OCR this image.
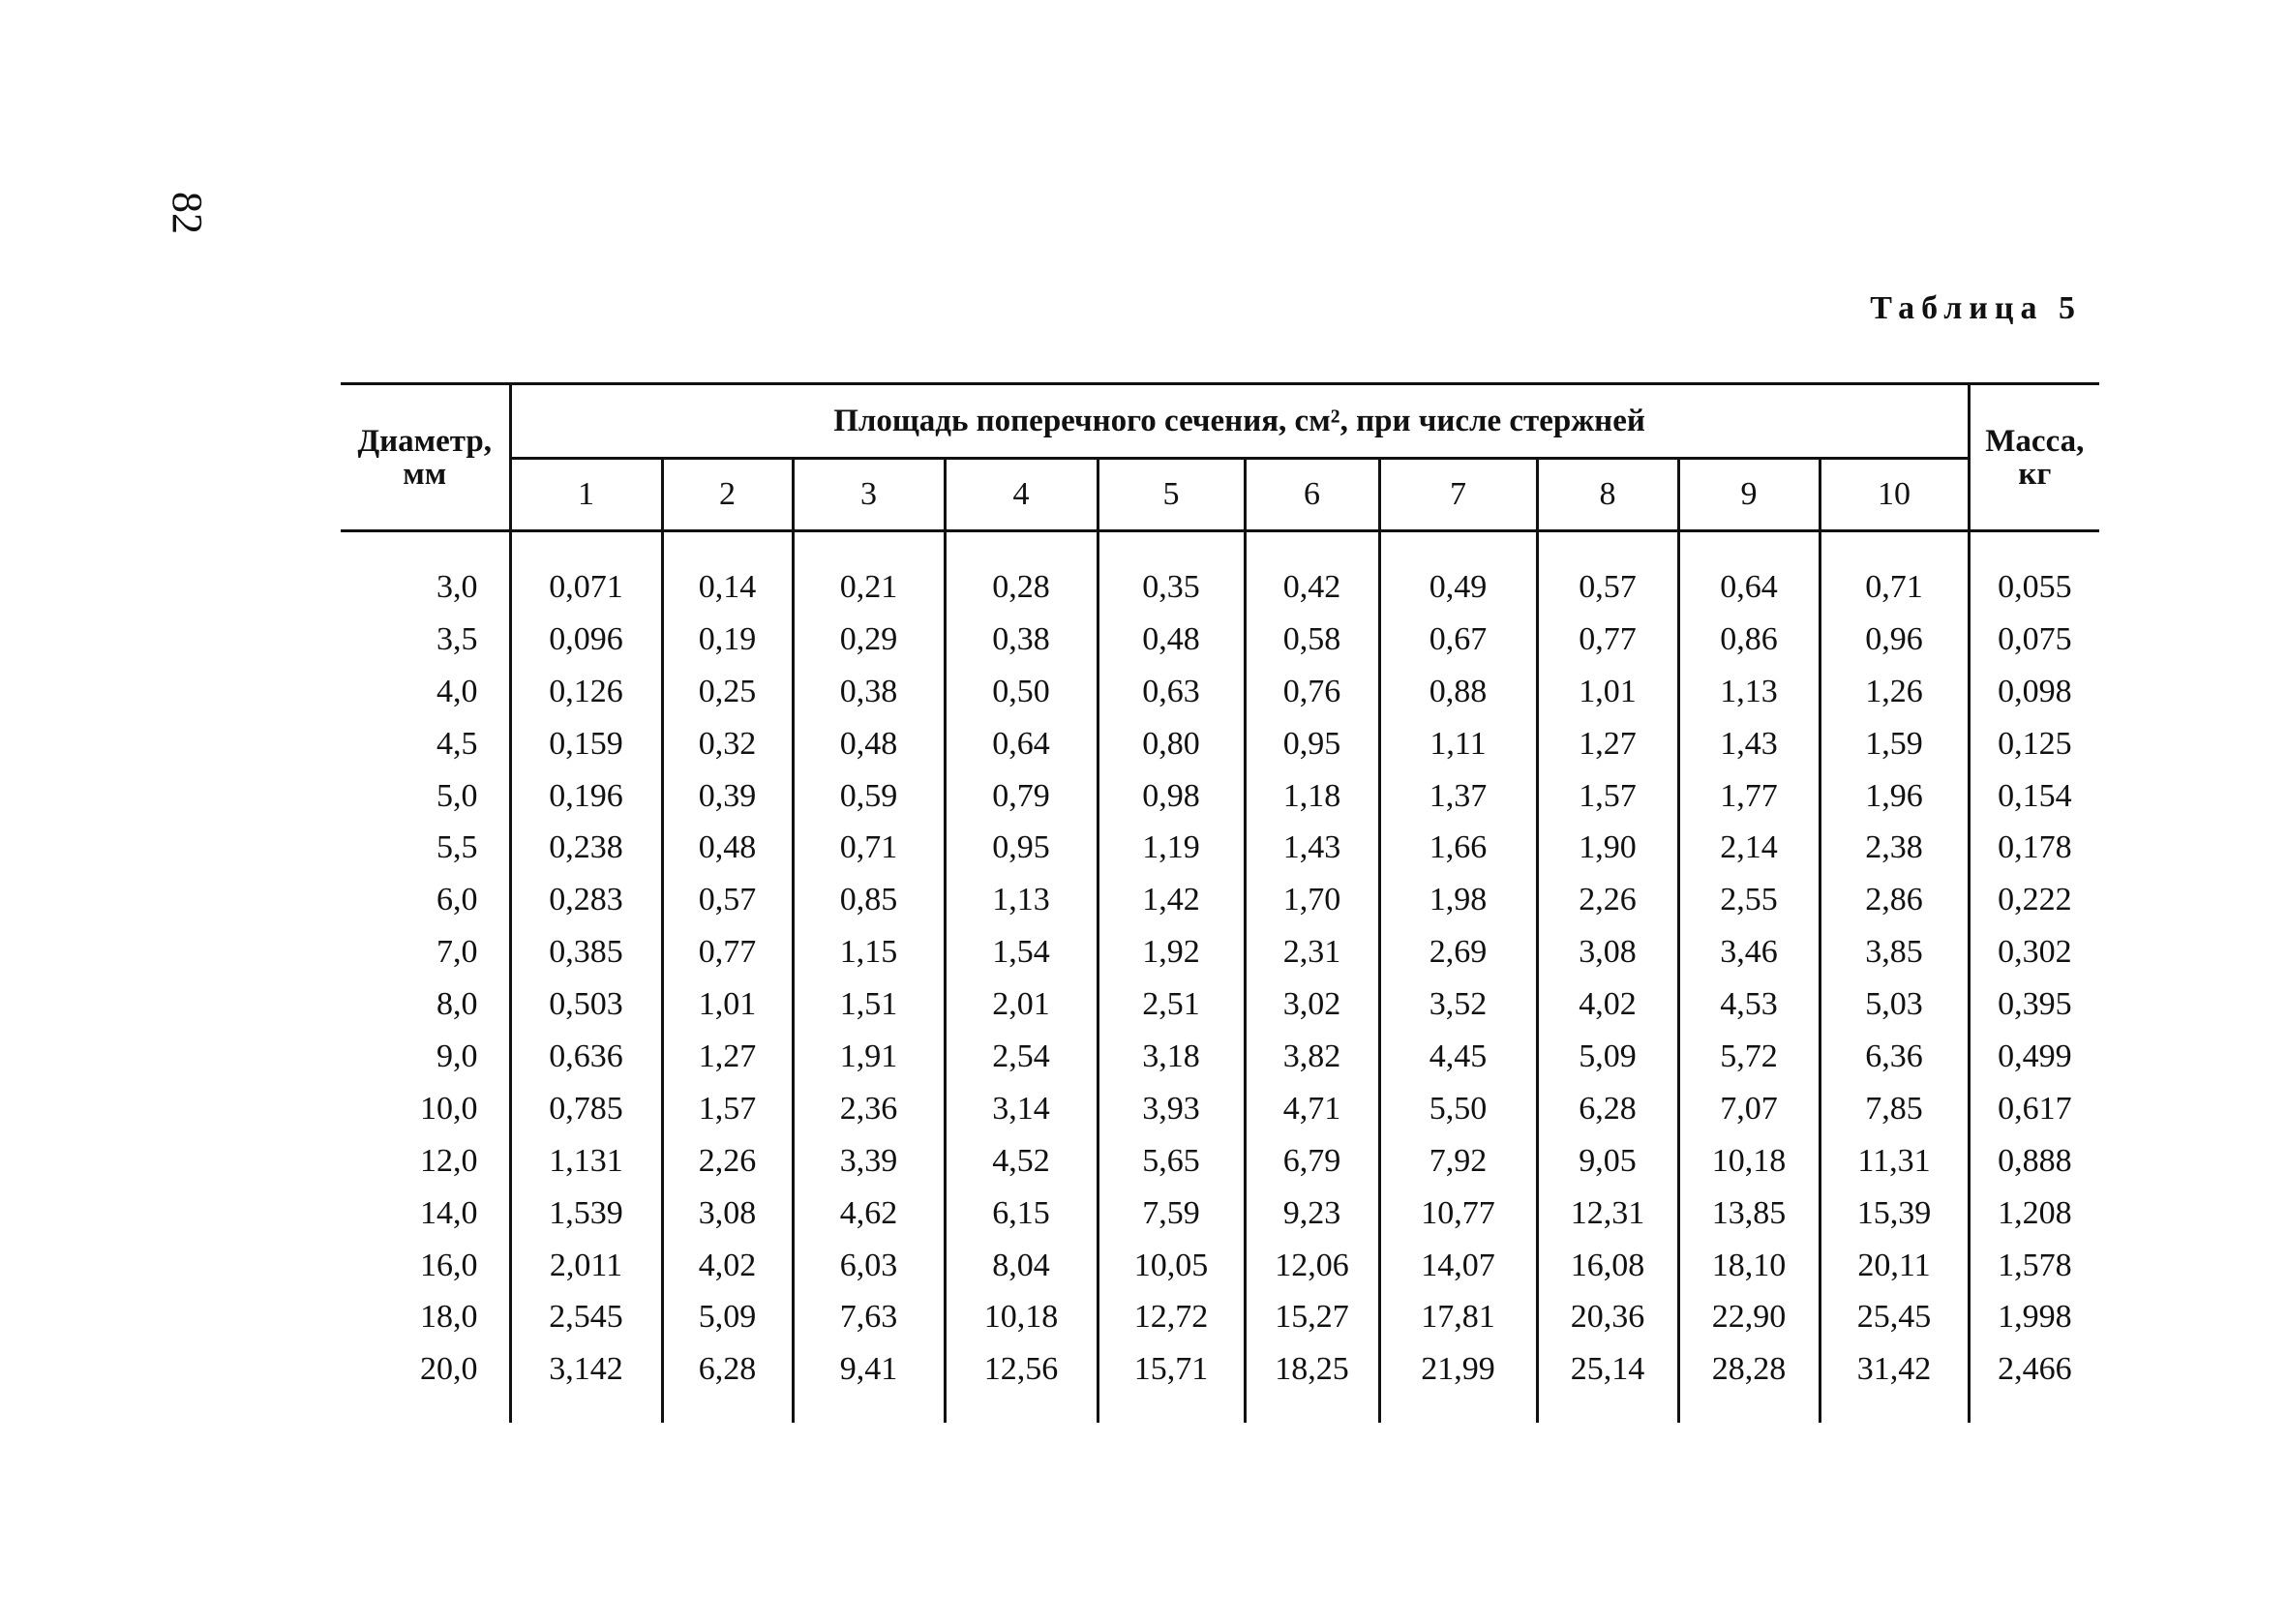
82
Таблица 5
Диаметр, мм	Площадь поперечного сечения, см², при числе стержней										Масса, кг
	1	2	3	4	5	6	7	8	9	10	
3,0	0,071	0,14	0,21	0,28	0,35	0,42	0,49	0,57	0,64	0,71	0,055
3,5	0,096	0,19	0,29	0,38	0,48	0,58	0,67	0,77	0,86	0,96	0,075
4,0	0,126	0,25	0,38	0,50	0,63	0,76	0,88	1,01	1,13	1,26	0,098
4,5	0,159	0,32	0,48	0,64	0,80	0,95	1,11	1,27	1,43	1,59	0,125
5,0	0,196	0,39	0,59	0,79	0,98	1,18	1,37	1,57	1,77	1,96	0,154
5,5	0,238	0,48	0,71	0,95	1,19	1,43	1,66	1,90	2,14	2,38	0,178
6,0	0,283	0,57	0,85	1,13	1,42	1,70	1,98	2,26	2,55	2,86	0,222
7,0	0,385	0,77	1,15	1,54	1,92	2,31	2,69	3,08	3,46	3,85	0,302
8,0	0,503	1,01	1,51	2,01	2,51	3,02	3,52	4,02	4,53	5,03	0,395
9,0	0,636	1,27	1,91	2,54	3,18	3,82	4,45	5,09	5,72	6,36	0,499
10,0	0,785	1,57	2,36	3,14	3,93	4,71	5,50	6,28	7,07	7,85	0,617
12,0	1,131	2,26	3,39	4,52	5,65	6,79	7,92	9,05	10,18	11,31	0,888
14,0	1,539	3,08	4,62	6,15	7,59	9,23	10,77	12,31	13,85	15,39	1,208
16,0	2,011	4,02	6,03	8,04	10,05	12,06	14,07	16,08	18,10	20,11	1,578
18,0	2,545	5,09	7,63	10,18	12,72	15,27	17,81	20,36	22,90	25,45	1,998
20,0	3,142	6,28	9,41	12,56	15,71	18,25	21,99	25,14	28,28	31,42	2,466
